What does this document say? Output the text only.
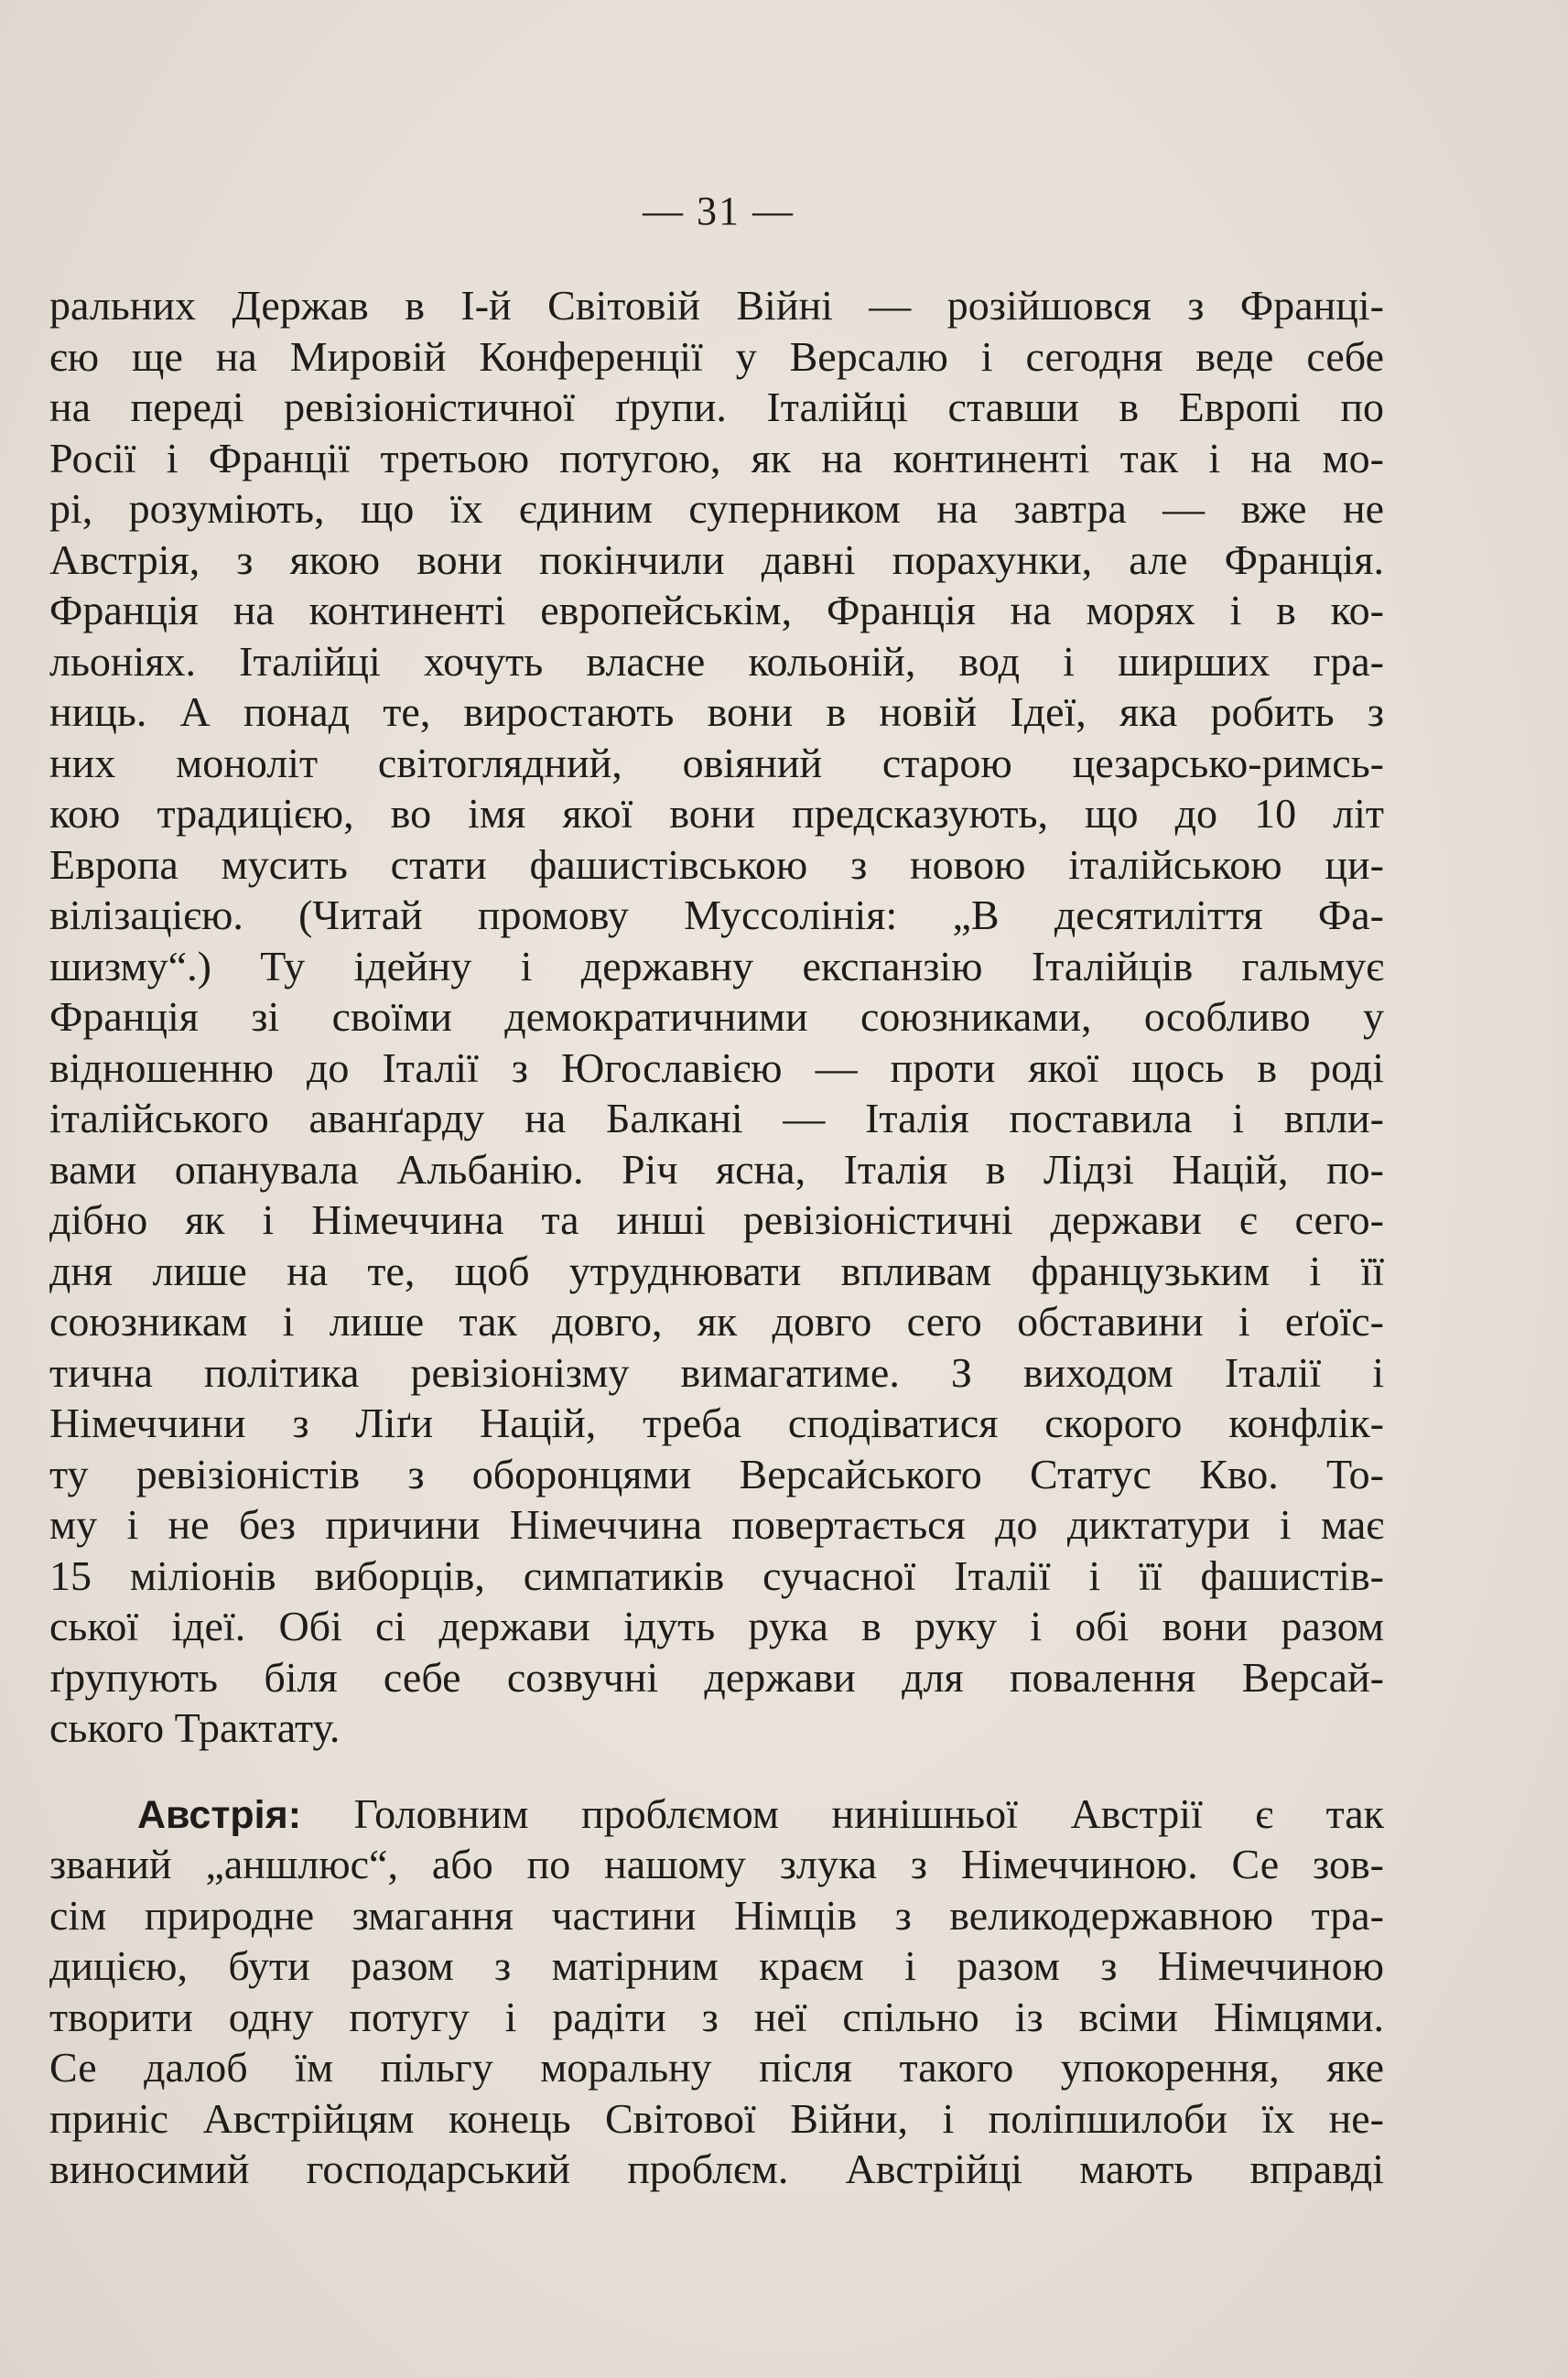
— 31 —
ральних Держав в І-й Світовій Війні — розійшовся з Франці-
єю ще на Мировій Конференції у Версалю і сегодня веде себе
на переді ревізіоністичної ґрупи. Італійці ставши в Европі по
Росії і Франції третьою потугою, як на континенті так і на мо-
рі, розуміють, що їх єдиним суперником на завтра — вже не
Австрія, з якою вони покінчили давні порахунки, але Франція.
Франція на континенті европейськім, Франція на морях і в ко-
льоніях. Італійці хочуть власне кольоній, вод і ширших гра-
ниць. А понад те, виростають вони в новій Ідеї, яка робить з
них моноліт світоглядний, овіяний старою цезарсько-римсь-
кою традицією, во імя якої вони предсказують, що до 10 літ
Европа мусить стати фашистівською з новою італійською ци-
вілізацією. (Читай промову Муссолінія: „В десятиліття Фа-
шизму“.) Ту ідейну і державну експанзію Італійців гальмує
Франція зі своїми демократичними союзниками, особливо у
відношенню до Італії з Югославією — проти якої щось в роді
італійського аванґарду на Балкані — Італія поставила і впли-
вами опанувала Альбанію. Річ ясна, Італія в Лідзі Націй, по-
дібно як і Німеччина та инші ревізіоністичні держави є сего-
дня лише на те, щоб утруднювати впливам французьким і її
союзникам і лише так довго, як довго сего обставини і еґоїс-
тична політика ревізіонізму вимагатиме. З виходом Італії і
Німеччини з Ліґи Націй, треба сподіватися скорого конфлік-
ту ревізіоністів з оборонцями Версайського Статус Кво. То-
му і не без причини Німеччина повертається до диктатури і має
15 міліонів виборців, симпатиків сучасної Італії і її фашистів-
ської ідеї. Обі сі держави ідуть рука в руку і обі вони разом
ґрупують біля себе созвучні держави для повалення Версай-
ського Трактату.
Австрія: Головним проблємом нинішньої Австрії є так
званий „аншлюс“, або по нашому злука з Німеччиною. Се зов-
сім природне змагання частини Німців з великодержавною тра-
дицією, бути разом з матірним краєм і разом з Німеччиною
творити одну потугу і радіти з неї спільно із всіми Німцями.
Се далоб їм пільгу моральну після такого упокорення, яке
приніс Австрійцям конець Світової Війни, і поліпшилоби їх не-
виносимий господарський проблєм. Австрійці мають вправді
